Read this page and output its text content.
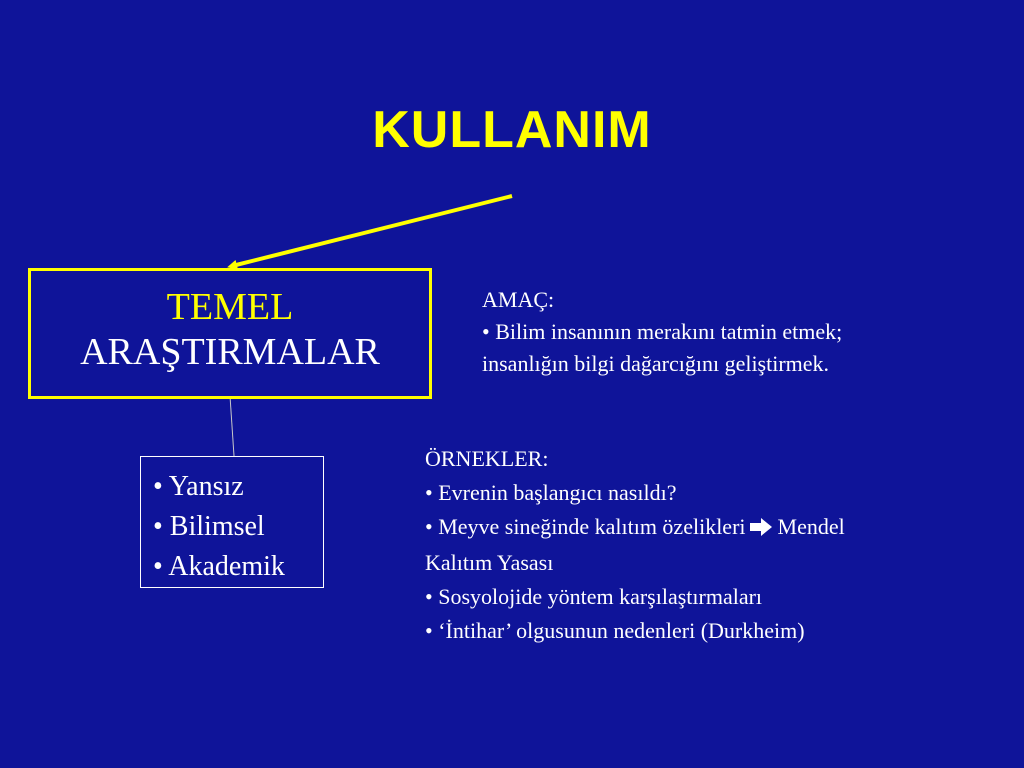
KULLANIM
TEMEL
ARAŞTIRMALAR
• Yansız
• Bilimsel
• Akademik
AMAÇ:
• Bilim insanının merakını tatmin etmek;
insanlığın bilgi dağarcığını geliştirmek.
ÖRNEKLER:
• Evrenin başlangıcı nasıldı?
• Meyve sineğinde kalıtım özelikleri Mendel
Kalıtım Yasası
• Sosyolojide yöntem karşılaştırmaları
• ‘İntihar’ olgusunun nedenleri (Durkheim)
